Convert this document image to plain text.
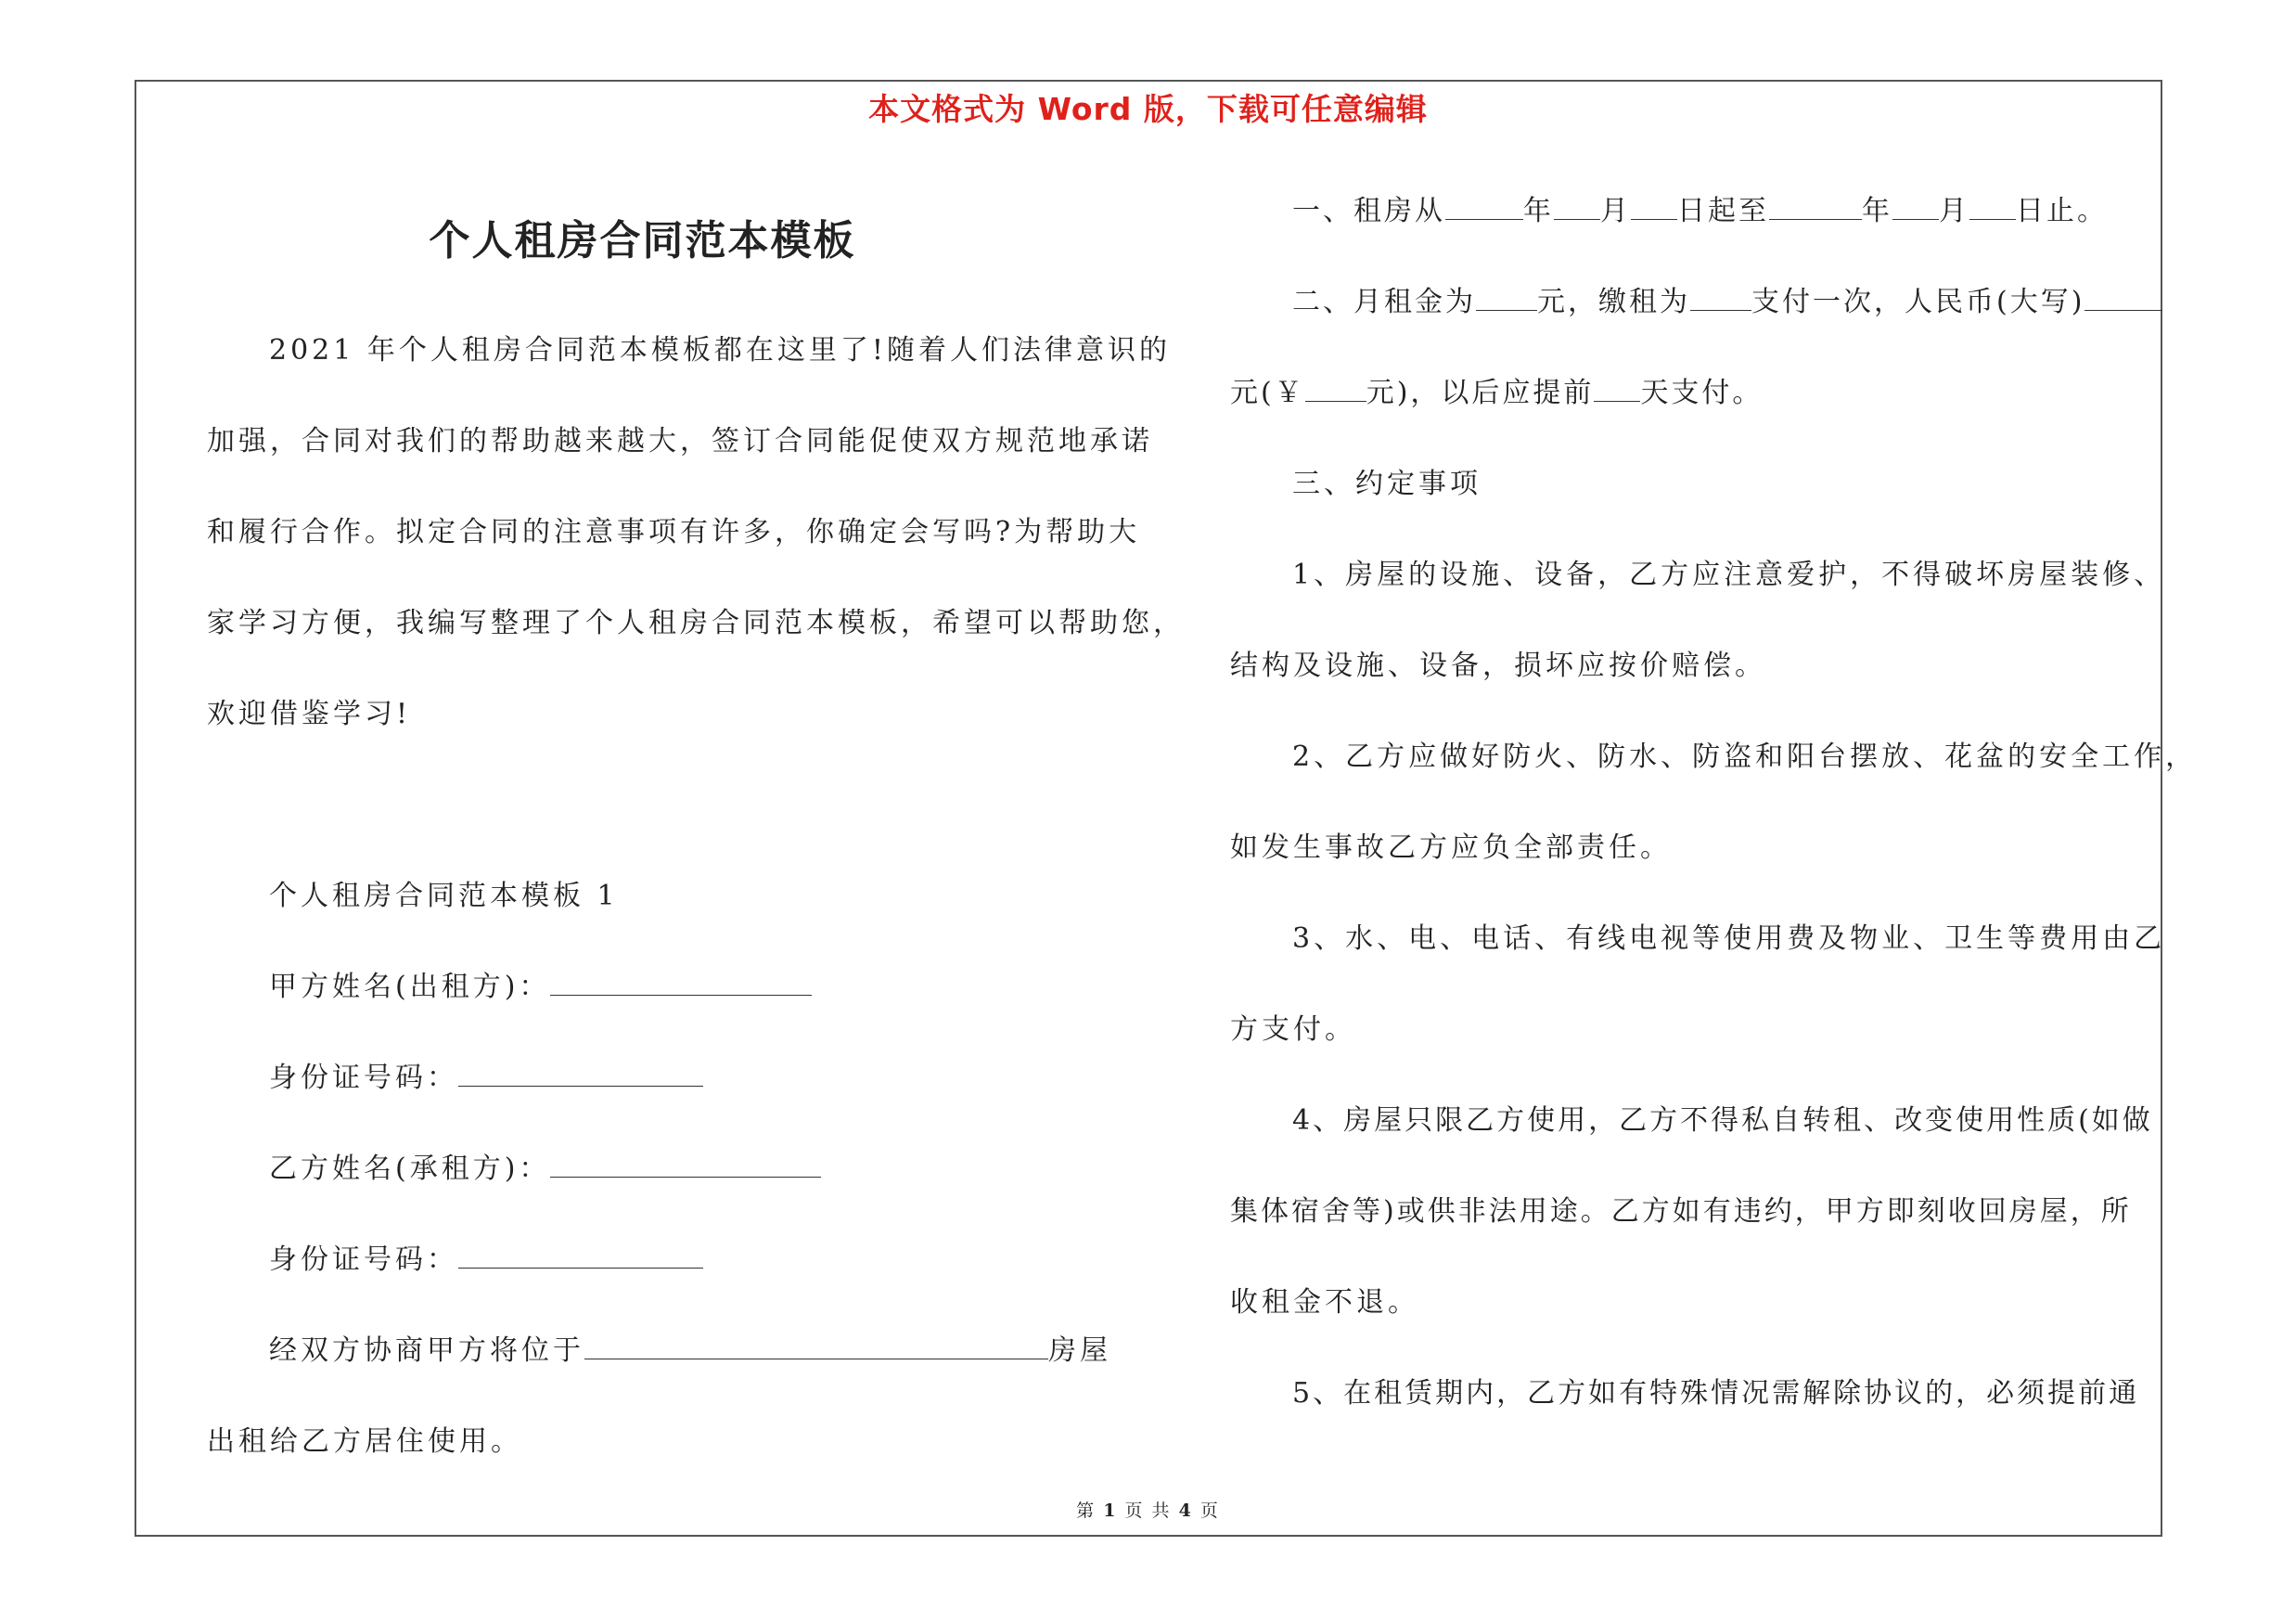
本文格式为 Word 版，下载可任意编辑
个人租房合同范本模板
2021 年个人租房合同范本模板都在这里了!随着人们法律意识的
加强，合同对我们的帮助越来越大，签订合同能促使双方规范地承诺
和履行合作。拟定合同的注意事项有许多，你确定会写吗?为帮助大
家学习方便，我编写整理了个人租房合同范本模板，希望可以帮助您，
欢迎借鉴学习!
个人租房合同范本模板 1
甲方姓名(出租方)：
身份证号码：
乙方姓名(承租方)：
身份证号码：
经双方协商甲方将位于	房屋
出租给乙方居住使用。
一、租房从	年 月 日起至	年 月 日止。
二、月租金为 元，缴租为 支付一次，人民币(大写)
元(￥ 元)，以后应提前 天支付。
三、约定事项
1、房屋的设施、设备，乙方应注意爱护，不得破坏房屋装修、
结构及设施、设备，损坏应按价赔偿。
2、乙方应做好防火、防水、防盗和阳台摆放、花盆的安全工作，
如发生事故乙方应负全部责任。
3、水、电、电话、有线电视等使用费及物业、卫生等费用由乙
方支付。
4、房屋只限乙方使用，乙方不得私自转租、改变使用性质(如做
集体宿舍等)或供非法用途。乙方如有违约，甲方即刻收回房屋，所
收租金不退。
5、在租赁期内，乙方如有特殊情况需解除协议的，必须提前通
第 1 页 共 4 页
